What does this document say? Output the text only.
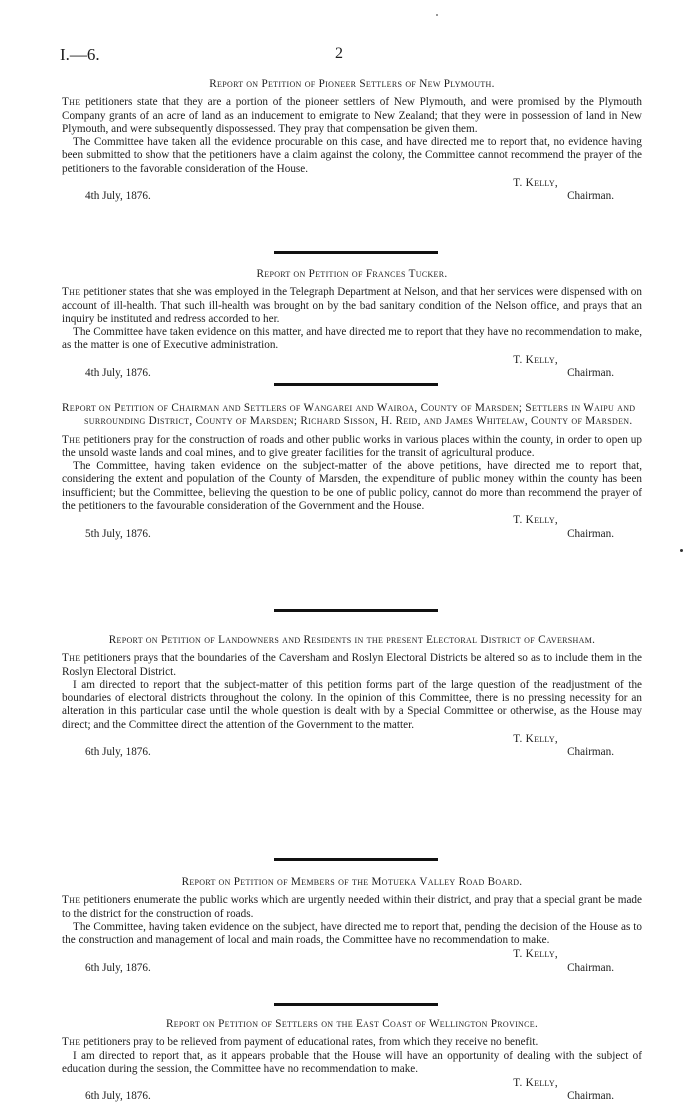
I.—6.	2
Report on Petition of Pioneer Settlers of New Plymouth.

The petitioners state that they are a portion of the pioneer settlers of New Plymouth, and were promised by the Plymouth Company grants of an acre of land as an inducement to emigrate to New Zealand; that they were in possession of land in New Plymouth, and were subsequently dispossessed. They pray that compensation be given them.

The Committee have taken all the evidence procurable on this case, and have directed me to report that, no evidence having been submitted to show that the petitioners have a claim against the colony, the Committee cannot recommend the prayer of the petitioners to the favorable consideration of the House.

T. Kelly,
4th July, 1876.	Chairman.
Report on Petition of Frances Tucker.

The petitioner states that she was employed in the Telegraph Department at Nelson, and that her services were dispensed with on account of ill-health. That such ill-health was brought on by the bad sanitary condition of the Nelson office, and prays that an inquiry be instituted and redress accorded to her.

The Committee have taken evidence on this matter, and have directed me to report that they have no recommendation to make, as the matter is one of Executive administration.

T. Kelly,
4th July, 1876.	Chairman.
Report on Petition of Chairman and Settlers of Wangarei and Wairoa, County of Marsden; Settlers in Waipu and surrounding District, County of Marsden; Richard Sisson, H. Reid, and James Whitelaw, County of Marsden.

The petitioners pray for the construction of roads and other public works in various places within the county, in order to open up the unsold waste lands and coal mines, and to give greater facilities for the transit of agricultural produce.

The Committee, having taken evidence on the subject-matter of the above petitions, have directed me to report that, considering the extent and population of the County of Marsden, the expenditure of public money within the county has been insufficient; but the Committee, believing the question to be one of public policy, cannot do more than recommend the prayer of the petitioners to the favourable consideration of the Government and the House.

T. Kelly,
5th July, 1876.	Chairman.
Report on Petition of Landowners and Residents in the present Electoral District of Caversham.

The petitioners prays that the boundaries of the Caversham and Roslyn Electoral Districts be altered so as to include them in the Roslyn Electoral District.

I am directed to report that the subject-matter of this petition forms part of the large question of the readjustment of the boundaries of electoral districts throughout the colony. In the opinion of this Committee, there is no pressing necessity for an alteration in this particular case until the whole question is dealt with by a Special Committee or otherwise, as the House may direct; and the Committee direct the attention of the Government to the matter.

T. Kelly,
6th July, 1876.	Chairman.
Report on Petition of Members of the Motueka Valley Road Board.

The petitioners enumerate the public works which are urgently needed within their district, and pray that a special grant be made to the district for the construction of roads.

The Committee, having taken evidence on the subject, have directed me to report that, pending the decision of the House as to the construction and management of local and main roads, the Committee have no recommendation to make.

T. Kelly,
6th July, 1876.	Chairman.
Report on Petition of Settlers on the East Coast of Wellington Province.

The petitioners pray to be relieved from payment of educational rates, from which they receive no benefit.

I am directed to report that, as it appears probable that the House will have an opportunity of dealing with the subject of education during the session, the Committee have no recommendation to make.

T. Kelly,
6th July, 1876.	Chairman.
